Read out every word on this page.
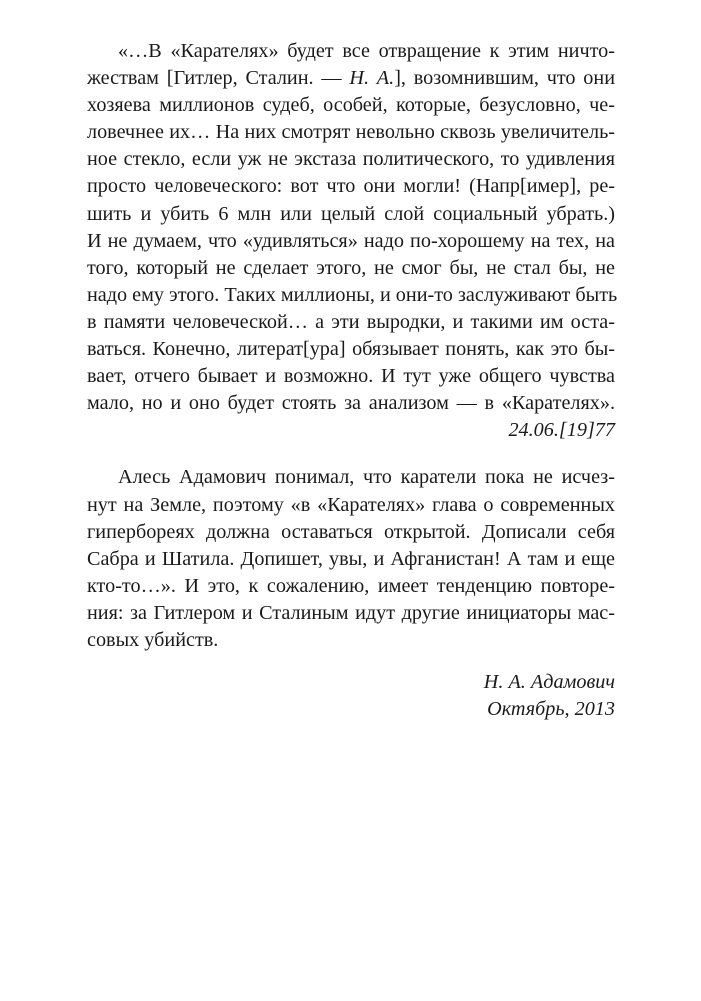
«…В «Карателях» будет все отвращение к этим ничто-
жествам [Гитлер, Сталин. — Н. А.], возомнившим, что они
хозяева миллионов судеб, особей, которые, безусловно, че-
ловечнее их… На них смотрят невольно сквозь увеличитель-
ное стекло, если уж не экстаза политического, то удивления
просто человеческого: вот что они могли! (Напр[имер], ре-
шить и убить 6 млн или целый слой социальный убрать.)
И не думаем, что «удивляться» надо по-хорошему на тех, на
того, который не сделает этого, не смог бы, не стал бы, не
надо ему этого. Таких миллионы, и они-то заслуживают быть
в памяти человеческой… а эти выродки, и такими им оста-
ваться. Конечно, литерат[ура] обязывает понять, как это бы-
вает, отчего бывает и возможно. И тут уже общего чувства
мало, но и оно будет стоять за анализом — в «Карателях».
24.06.[19]77
Алесь Адамович понимал, что каратели пока не исчез-
нут на Земле, поэтому «в «Карателях» глава о современных
гипербореях должна оставаться открытой. Дописали себя
Сабра и Шатила. Допишет, увы, и Афганистан! А там и еще
кто-то…». И это, к сожалению, имеет тенденцию повторе-
ния: за Гитлером и Сталиным идут другие инициаторы мас-
совых убийств.
Н. А. Адамович
Октябрь, 2013
